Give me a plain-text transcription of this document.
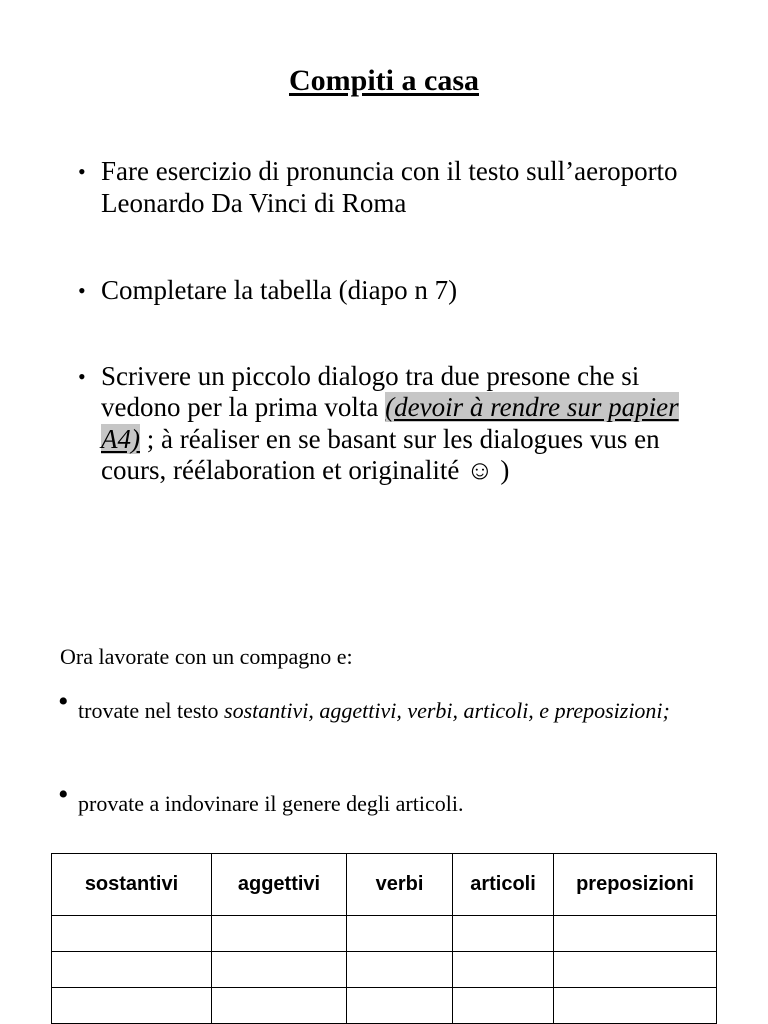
Compiti a casa
• Fare esercizio di pronuncia con il testo sull’aeroporto Leonardo Da Vinci di Roma
• Completare la tabella (diapo n 7)
• Scrivere un piccolo dialogo tra due presone che si vedono per la prima volta (devoir à rendre sur papier A4) ; à réaliser en se basant sur les dialogues vus en cours, réélaboration et originalité ☺ )
Ora lavorate con un compagno e:
• trovate nel testo sostantivi, aggettivi, verbi, articoli, e preposizioni;
• provate a indovinare il genere degli articoli.
sostantivi	aggettivi	verbi	articoli	preposizioni
